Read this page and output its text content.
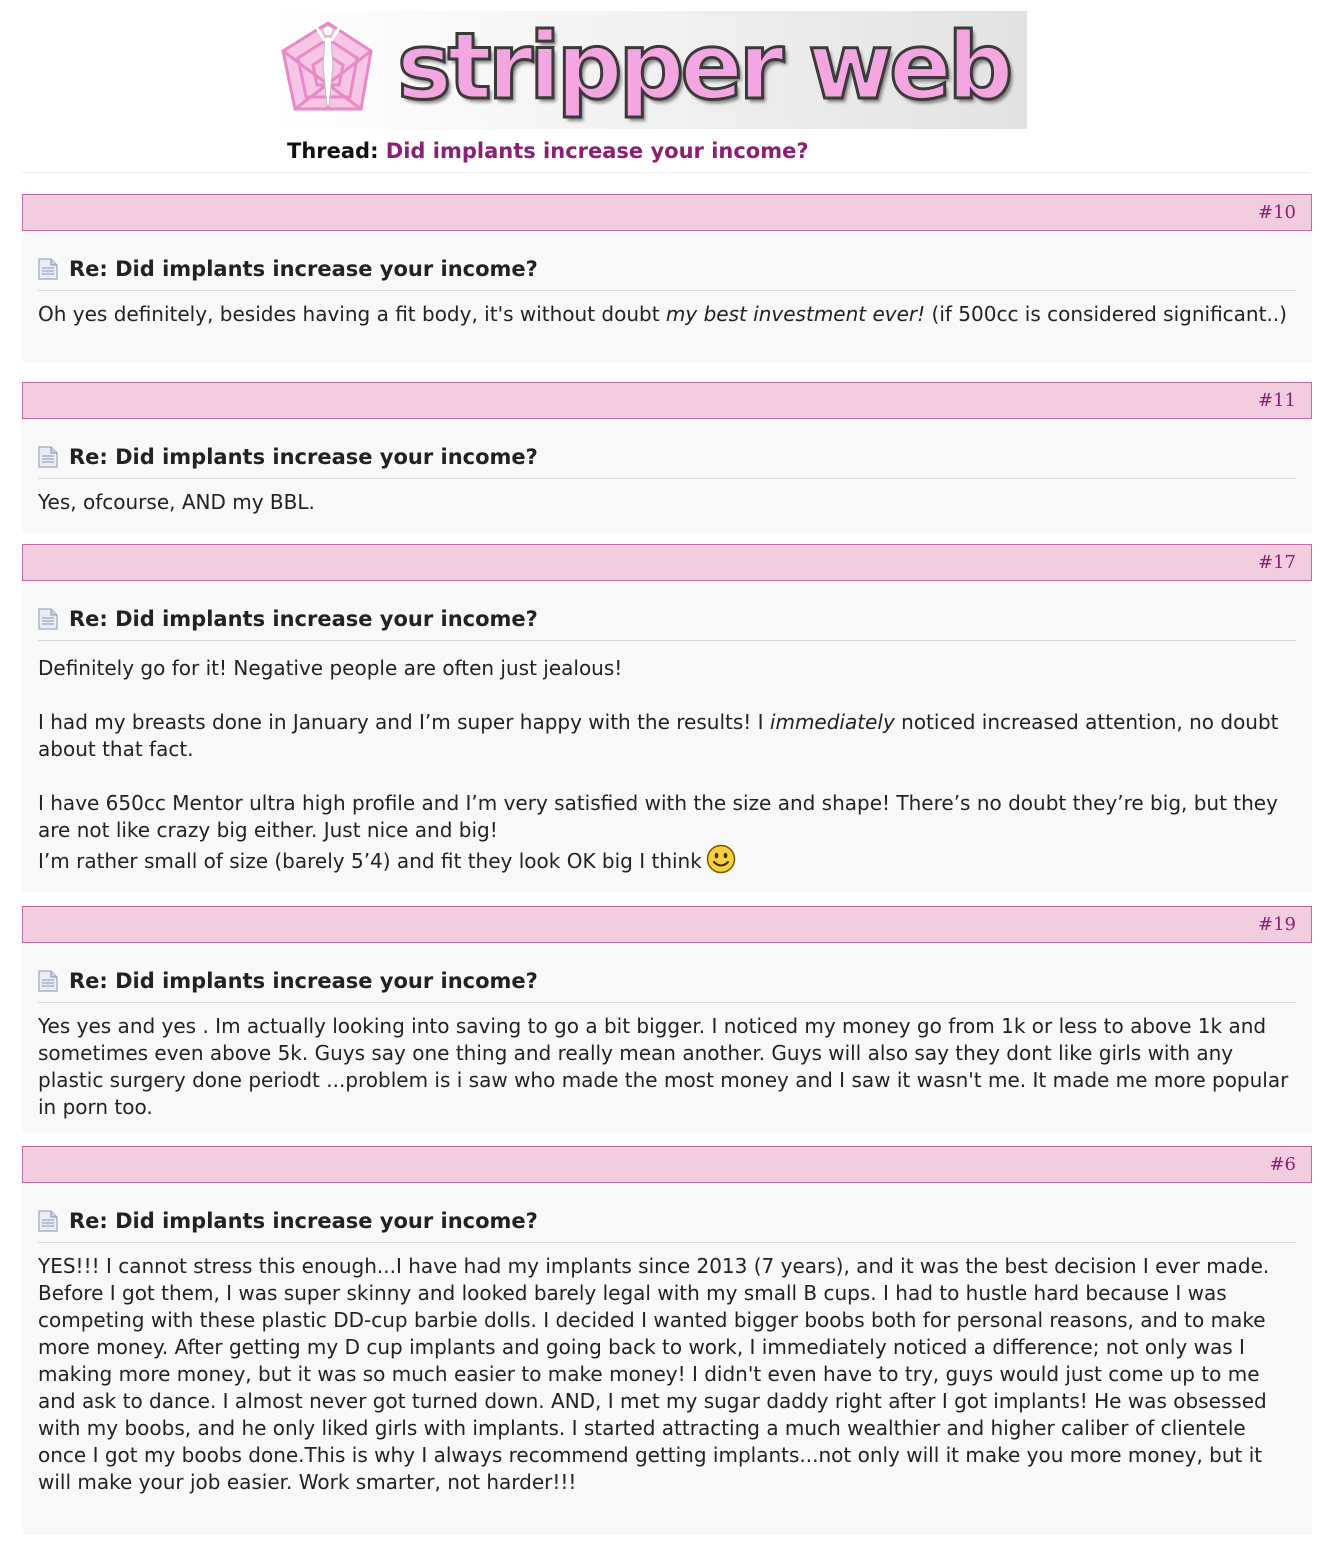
stripper web
Thread: Did implants increase your income?
#10
Re: Did implants increase your income?

Oh yes definitely, besides having a fit body, it's without doubt my best investment ever! (if 500cc is considered significant..)

#11
Re: Did implants increase your income?

Yes, ofcourse, AND my BBL.

#17
Re: Did implants increase your income?

Definitely go for it! Negative people are often just jealous!

I had my breasts done in January and I’m super happy with the results! I immediately noticed increased attention, no doubt about that fact.

I have 650cc Mentor ultra high profile and I’m very satisfied with the size and shape! There’s no doubt they’re big, but they are not like crazy big either. Just nice and big!

I’m rather small of size (barely 5’4) and fit they look OK big I think

#19
Re: Did implants increase your income?

Yes yes and yes . Im actually looking into saving to go a bit bigger. I noticed my money go from 1k or less to above 1k and sometimes even above 5k. Guys say one thing and really mean another. Guys will also say they dont like girls with any plastic surgery done periodt ...problem is i saw who made the most money and I saw it wasn't me. It made me more popular in porn too.

#6
Re: Did implants increase your income?

YES!!! I cannot stress this enough...I have had my implants since 2013 (7 years), and it was the best decision I ever made. Before I got them, I was super skinny and looked barely legal with my small B cups. I had to hustle hard because I was competing with these plastic DD-cup barbie dolls. I decided I wanted bigger boobs both for personal reasons, and to make more money. After getting my D cup implants and going back to work, I immediately noticed a difference; not only was I making more money, but it was so much easier to make money! I didn't even have to try, guys would just come up to me and ask to dance. I almost never got turned down. AND, I met my sugar daddy right after I got implants! He was obsessed with my boobs, and he only liked girls with implants. I started attracting a much wealthier and higher caliber of clientele once I got my boobs done.This is why I always recommend getting implants...not only will it make you more money, but it will make your job easier. Work smarter, not harder!!!
